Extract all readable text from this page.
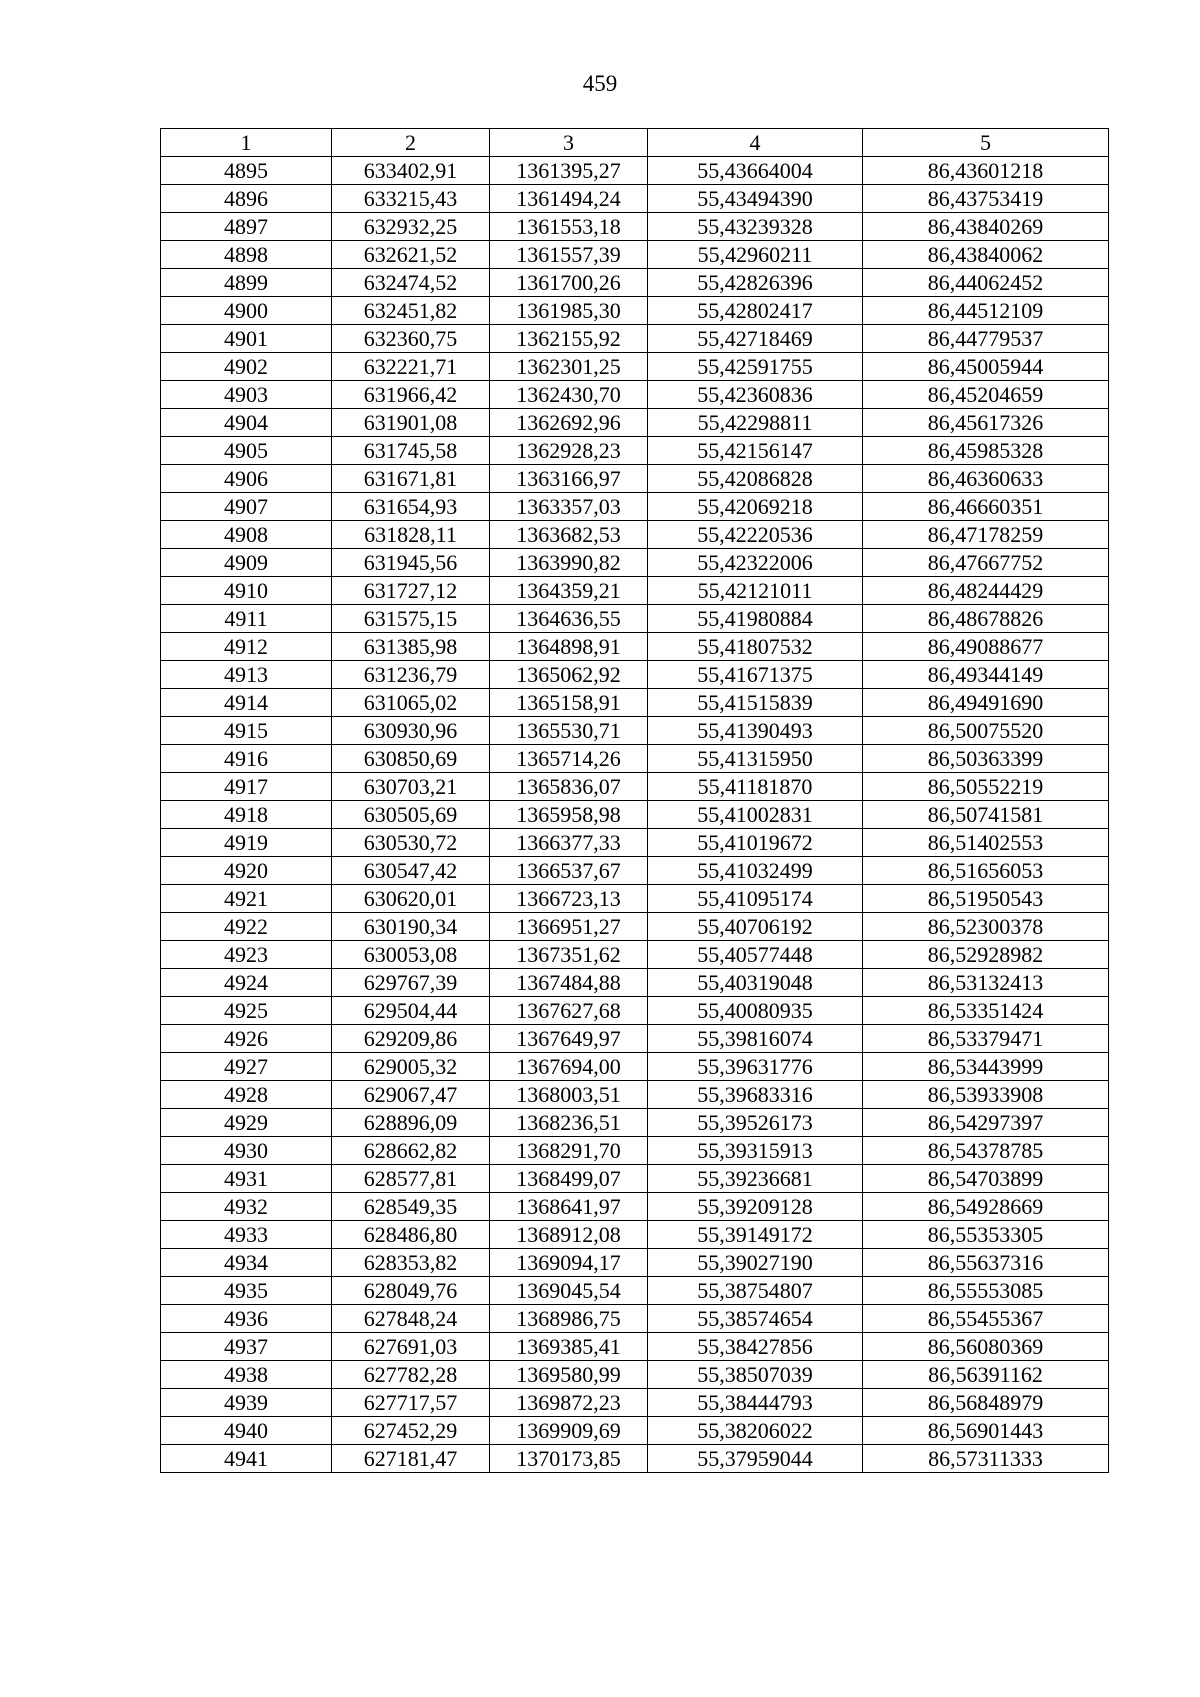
459
1	2	3	4	5
4895	633402,91	1361395,27	55,43664004	86,43601218
4896	633215,43	1361494,24	55,43494390	86,43753419
4897	632932,25	1361553,18	55,43239328	86,43840269
4898	632621,52	1361557,39	55,42960211	86,43840062
4899	632474,52	1361700,26	55,42826396	86,44062452
4900	632451,82	1361985,30	55,42802417	86,44512109
4901	632360,75	1362155,92	55,42718469	86,44779537
4902	632221,71	1362301,25	55,42591755	86,45005944
4903	631966,42	1362430,70	55,42360836	86,45204659
4904	631901,08	1362692,96	55,42298811	86,45617326
4905	631745,58	1362928,23	55,42156147	86,45985328
4906	631671,81	1363166,97	55,42086828	86,46360633
4907	631654,93	1363357,03	55,42069218	86,46660351
4908	631828,11	1363682,53	55,42220536	86,47178259
4909	631945,56	1363990,82	55,42322006	86,47667752
4910	631727,12	1364359,21	55,42121011	86,48244429
4911	631575,15	1364636,55	55,41980884	86,48678826
4912	631385,98	1364898,91	55,41807532	86,49088677
4913	631236,79	1365062,92	55,41671375	86,49344149
4914	631065,02	1365158,91	55,41515839	86,49491690
4915	630930,96	1365530,71	55,41390493	86,50075520
4916	630850,69	1365714,26	55,41315950	86,50363399
4917	630703,21	1365836,07	55,41181870	86,50552219
4918	630505,69	1365958,98	55,41002831	86,50741581
4919	630530,72	1366377,33	55,41019672	86,51402553
4920	630547,42	1366537,67	55,41032499	86,51656053
4921	630620,01	1366723,13	55,41095174	86,51950543
4922	630190,34	1366951,27	55,40706192	86,52300378
4923	630053,08	1367351,62	55,40577448	86,52928982
4924	629767,39	1367484,88	55,40319048	86,53132413
4925	629504,44	1367627,68	55,40080935	86,53351424
4926	629209,86	1367649,97	55,39816074	86,53379471
4927	629005,32	1367694,00	55,39631776	86,53443999
4928	629067,47	1368003,51	55,39683316	86,53933908
4929	628896,09	1368236,51	55,39526173	86,54297397
4930	628662,82	1368291,70	55,39315913	86,54378785
4931	628577,81	1368499,07	55,39236681	86,54703899
4932	628549,35	1368641,97	55,39209128	86,54928669
4933	628486,80	1368912,08	55,39149172	86,55353305
4934	628353,82	1369094,17	55,39027190	86,55637316
4935	628049,76	1369045,54	55,38754807	86,55553085
4936	627848,24	1368986,75	55,38574654	86,55455367
4937	627691,03	1369385,41	55,38427856	86,56080369
4938	627782,28	1369580,99	55,38507039	86,56391162
4939	627717,57	1369872,23	55,38444793	86,56848979
4940	627452,29	1369909,69	55,38206022	86,56901443
4941	627181,47	1370173,85	55,37959044	86,57311333
